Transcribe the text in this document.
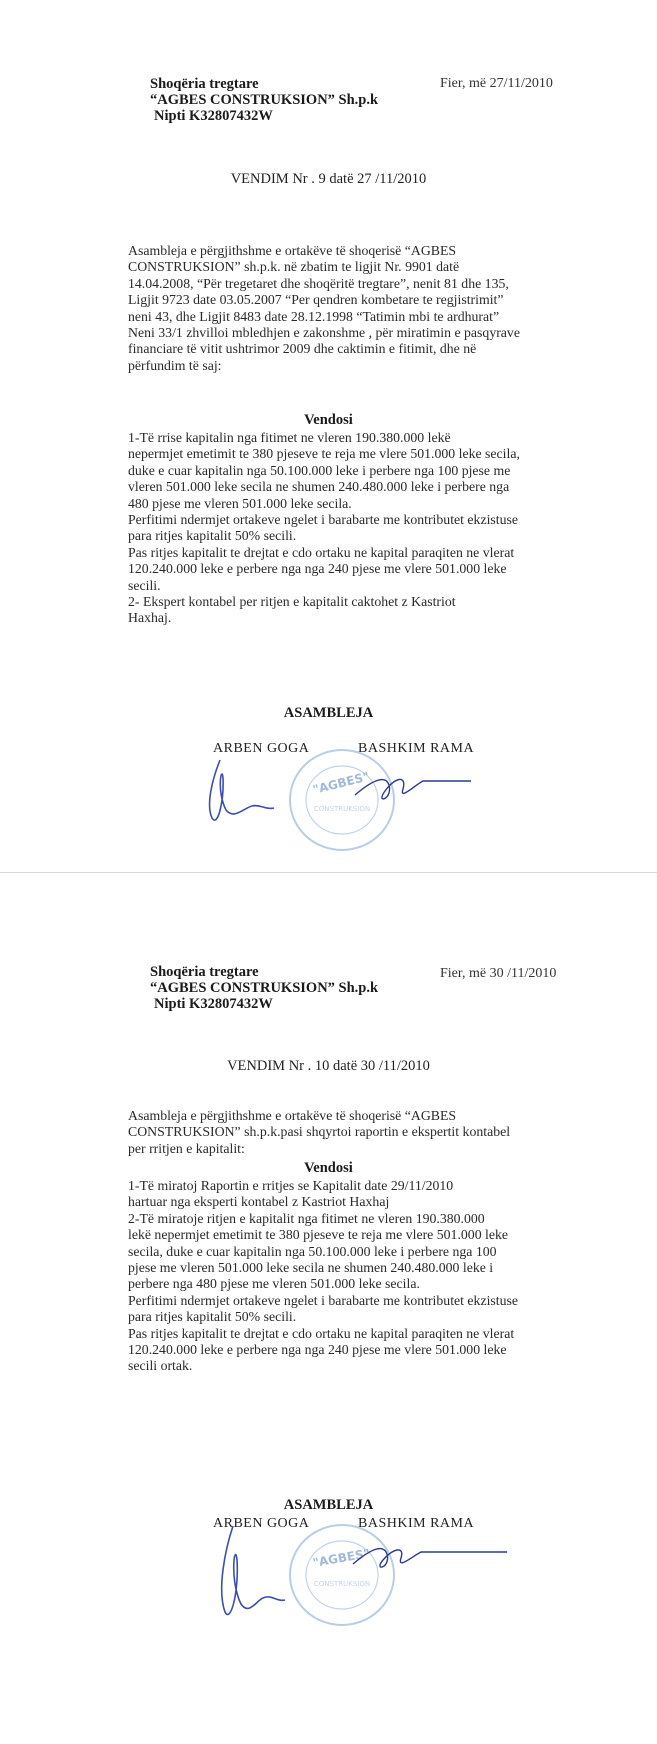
Shoqëria tregtare
“AGBES CONSTRUKSION” Sh.p.k
Nipti K32807432W
Fier, më 27/11/2010
VENDIM Nr . 9 datë 27 /11/2010
Asambleja e përgjithshme e ortakëve të shoqerisë “AGBES
CONSTRUKSION” sh.p.k. në zbatim te ligjit Nr. 9901 datë
14.04.2008, “Për tregetaret dhe shoqëritë tregtare”, nenit 81 dhe 135,
Ligjit 9723 date 03.05.2007 “Per qendren kombetare te regjistrimit”
neni 43, dhe Ligjit 8483 date 28.12.1998 “Tatimin mbi te ardhurat”
Neni 33/1 zhvilloi mbledhjen e zakonshme , për miratimin e pasqyrave
financiare të vitit ushtrimor 2009 dhe caktimin e fitimit, dhe në
përfundim të saj:
Vendosi
1-Të rrise kapitalin nga fitimet ne vleren 190.380.000 lekë
nepermjet emetimit te 380 pjeseve te reja me vlere 501.000 leke secila,
duke e cuar kapitalin nga 50.100.000 leke i perbere nga 100 pjese me
vleren 501.000 leke secila ne shumen 240.480.000 leke i perbere nga
480 pjese me vleren 501.000 leke secila.
Perfitimi ndermjet ortakeve ngelet i barabarte me kontributet ekzistuse
para ritjes kapitalit 50% secili.
Pas ritjes kapitalit te drejtat e cdo ortaku ne kapital paraqiten ne vlerat
120.240.000 leke e perbere nga nga 240 pjese me vlere 501.000 leke
secili.
2- Ekspert kontabel per ritjen e kapitalit caktohet z Kastriot
Haxhaj.
ASAMBLEJA
ARBEN GOGA	BASHKIM RAMA
"AGBES"
CONSTRUKSION
Shoqëria tregtare
“AGBES CONSTRUKSION” Sh.p.k
Nipti K32807432W
Fier, më 30 /11/2010
VENDIM Nr . 10 datë 30 /11/2010
Asambleja e përgjithshme e ortakëve të shoqerisë “AGBES
CONSTRUKSION” sh.p.k.pasi shqyrtoi raportin e ekspertit kontabel
per rritjen e kapitalit:
Vendosi
1-Të miratoj Raportin e rritjes se Kapitalit date 29/11/2010
hartuar nga eksperti kontabel z Kastriot Haxhaj
2-Të miratoje ritjen e kapitalit nga fitimet ne vleren 190.380.000
lekë nepermjet emetimit te 380 pjeseve te reja me vlere 501.000 leke
secila, duke e cuar kapitalin nga 50.100.000 leke i perbere nga 100
pjese me vleren 501.000 leke secila ne shumen 240.480.000 leke i
perbere nga 480 pjese me vleren 501.000 leke secila.
Perfitimi ndermjet ortakeve ngelet i barabarte me kontributet ekzistuse
para ritjes kapitalit 50% secili.
Pas ritjes kapitalit te drejtat e cdo ortaku ne kapital paraqiten ne vlerat
120.240.000 leke e perbere nga nga 240 pjese me vlere 501.000 leke
secili ortak.
ASAMBLEJA
ARBEN GOGA	BASHKIM RAMA
"AGBES"
CONSTRUKSION
